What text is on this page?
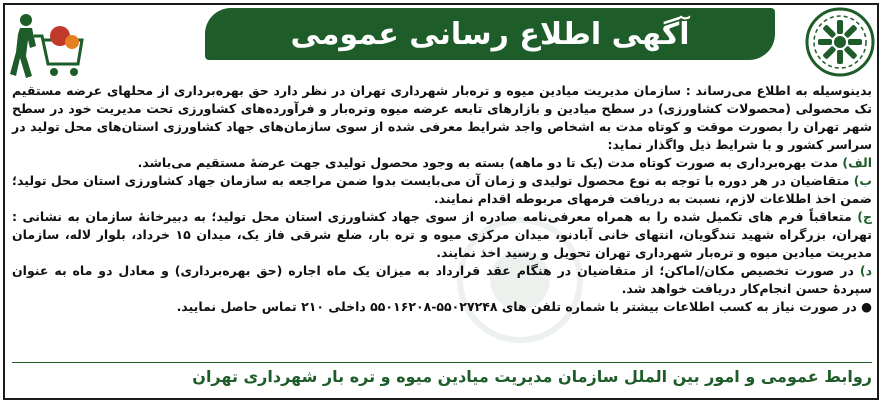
آگهی اطلاع رسانی عمومی

بدینوسیله به اطلاع می‌رساند : سازمان مدیریت میادین میوه و تره‌بار شهرداری تهران در نظر دارد حق بهره‌برداری از محلهای عرضه مستقیم تک محصولی (محصولات کشاورزی) در سطح میادین و بازارهای تابعه عرضه میوه وتره‌بار و فرآورده‌های کشاورزی تحت مدیریت خود در سطح شهر تهران را بصورت موقت و کوتاه مدت به اشخاص واجد شرایط معرفی شده از سوی سازمان‌های جهاد کشاورزی استان‌های محل تولید در سراسر کشور و با شرایط ذیل واگذار نماید:

الف) مدت بهره‌برداری به صورت کوتاه مدت (یک تا دو ماهه) بسته به وجود محصول تولیدی جهت عرضهٔ مستقیم می‌باشد.

ب) متقاضیان در هر دوره با توجه به نوع محصول تولیدی و زمان آن می‌بایست بدوا ضمن مراجعه به سازمان جهاد کشاورزی استان محل تولید؛ ضمن اخذ اطلاعات لازم، نسبت به دریافت فرمهای مربوطه اقدام نمایند.

ج) متعاقباً فرم های تکمیل شده را به همراه معرفی‌نامه صادره از سوی جهاد کشاورزی استان محل تولید؛ به دبیرخانهٔ سازمان به نشانی : تهران، بزرگراه شهید تندگویان، انتهای خانی آبادنو، میدان مرکزی میوه و تره بار، ضلع شرقی فاز یک، میدان ۱۵ خرداد، بلوار لاله، سازمان مدیریت میادین میوه و تره‌بار شهرداری تهران تحویل و رسید اخذ نمایند.

د) در صورت تخصیص مکان/اماکن؛ از متقاضیان در هنگام عقد قرارداد به میزان یک ماه اجاره (حق بهره‌برداری) و معادل دو ماه به عنوان سپردهٔ حسن انجام‌کار دریافت خواهد شد.

● در صورت نیاز به کسب اطلاعات بیشتر با شماره تلفن های ۵۵۰۲۷۲۴۸-۵۵۰۱۶۲۰۸ داخلی ۲۱۰ تماس حاصل نمایید.

روابط عمومی و امور بین الملل سازمان مدیریت میادین میوه و تره بار شهرداری تهران
